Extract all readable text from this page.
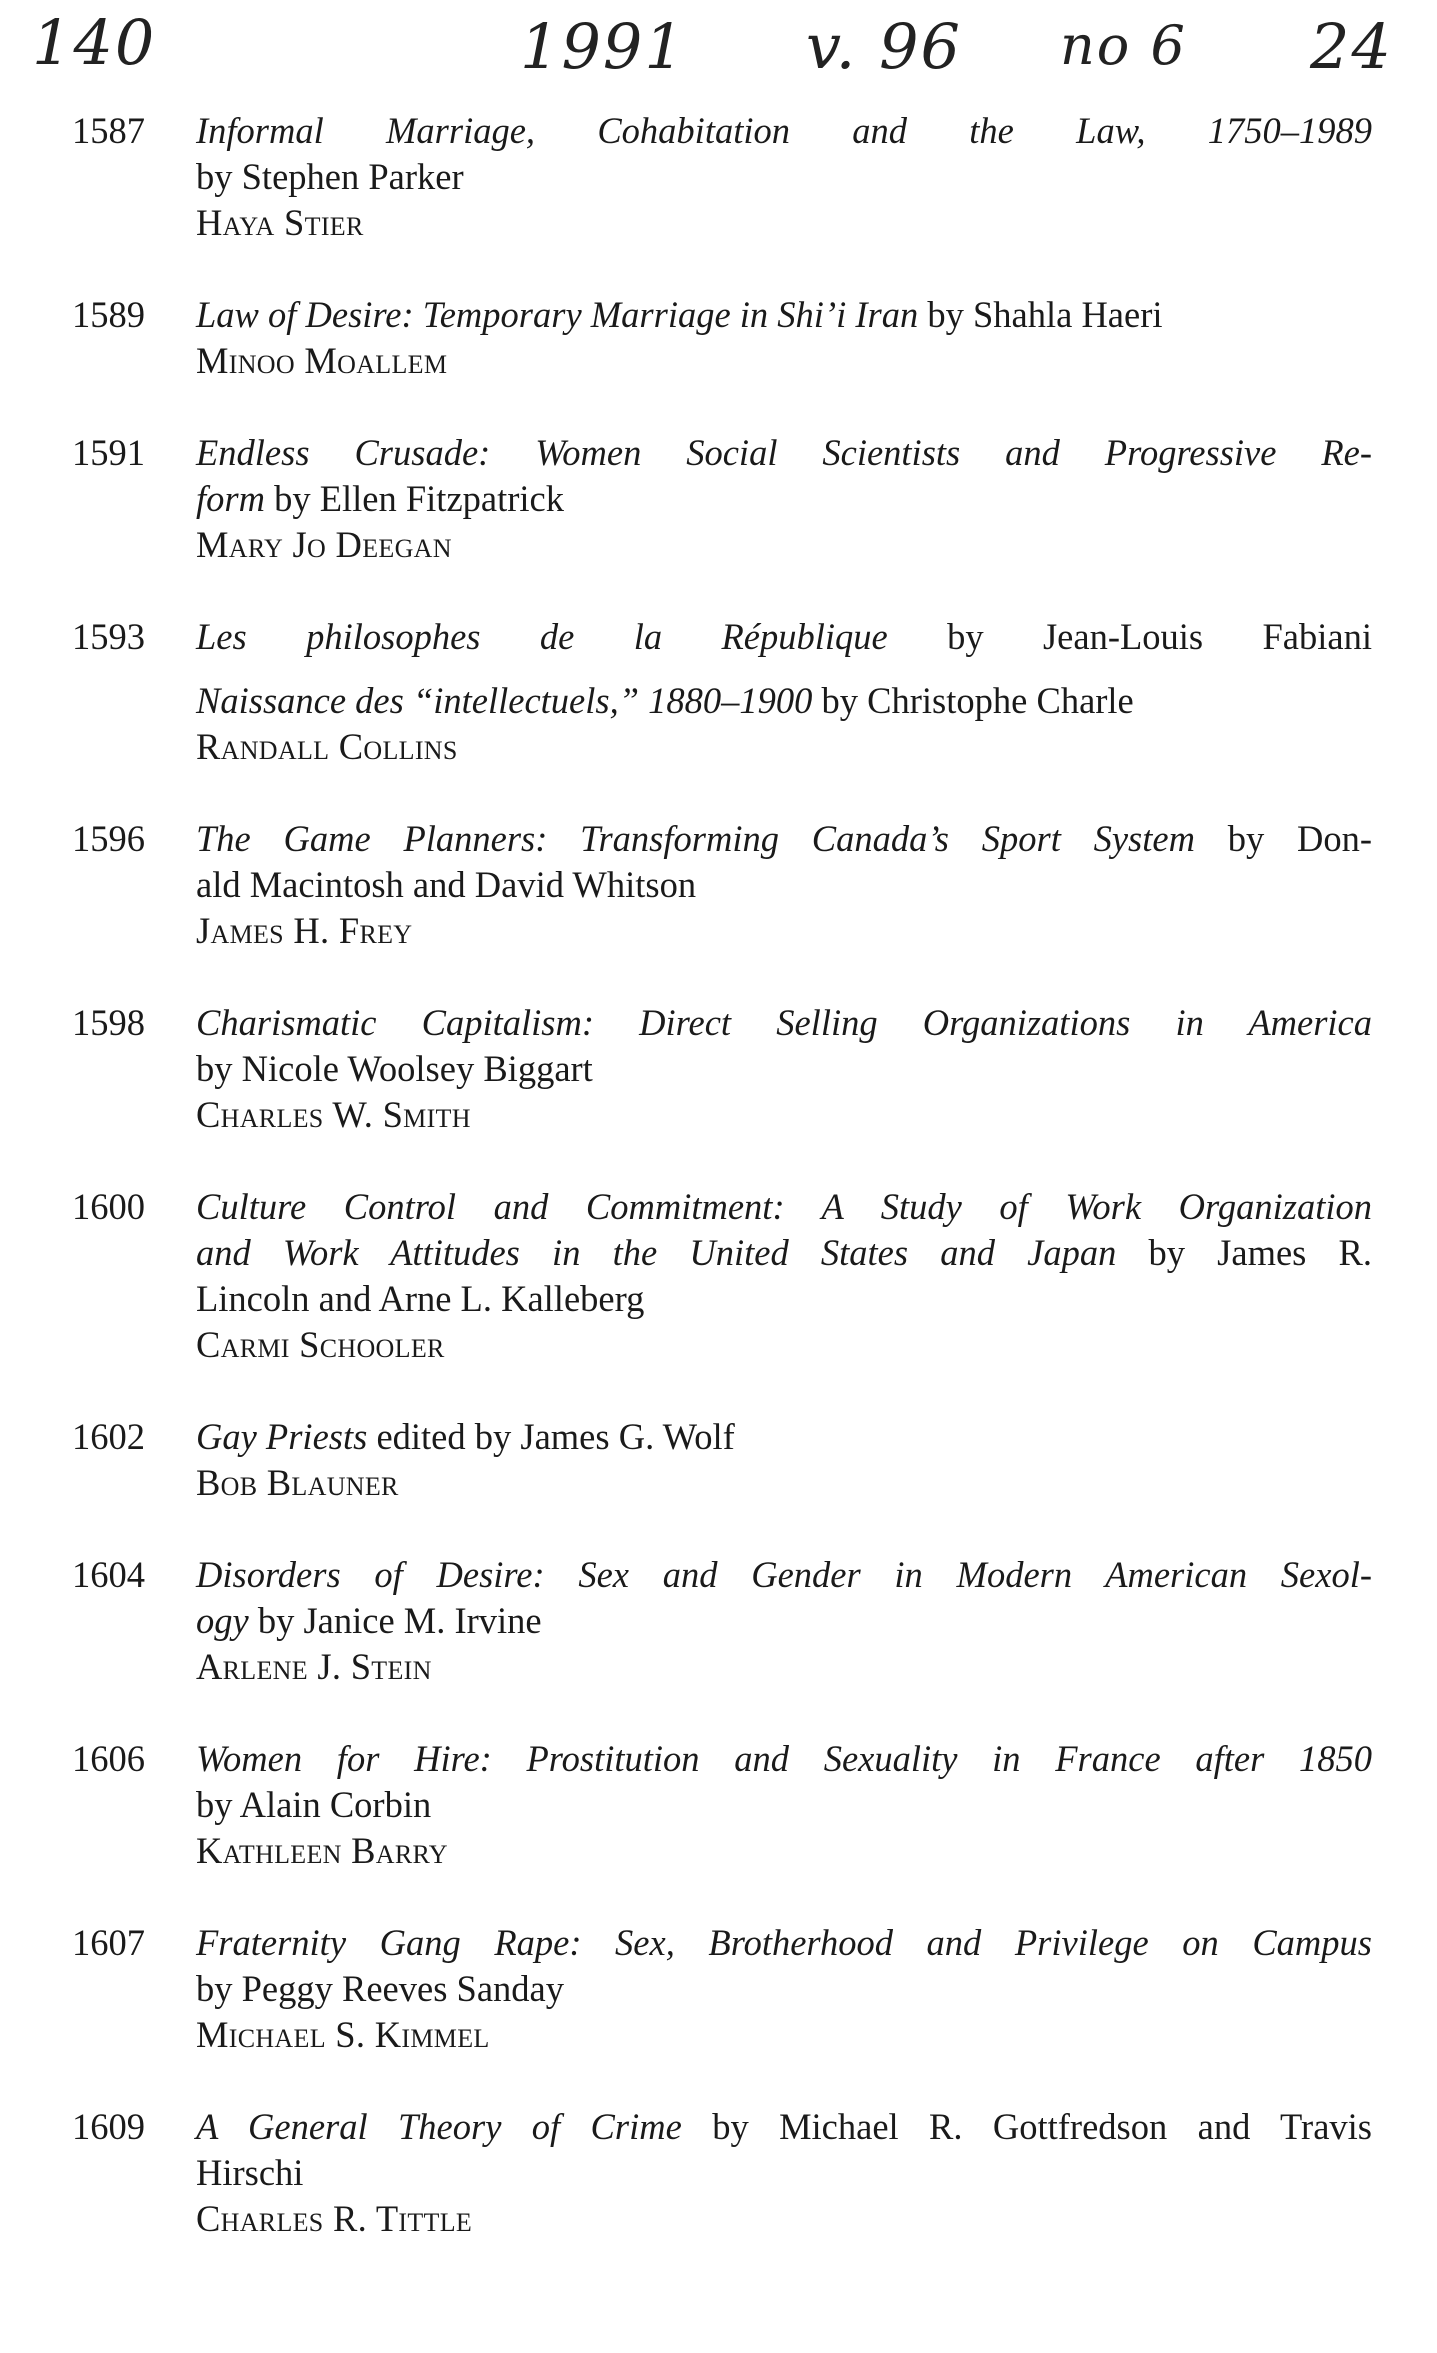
140	1991 v. 96 no 6 24
1587	Informal Marriage, Cohabitation and the Law, 1750–1989
by Stephen Parker
Haya Stier
1589	Law of Desire: Temporary Marriage in Shi’i Iran by Shahla Haeri
Minoo Moallem
1591	Endless Crusade: Women Social Scientists and Progressive Re-
form by Ellen Fitzpatrick
Mary Jo Deegan
1593	Les philosophes de la République by Jean-Louis Fabiani
Naissance des “intellectuels,” 1880–1900 by Christophe Charle
Randall Collins
1596	The Game Planners: Transforming Canada’s Sport System by Don-
ald Macintosh and David Whitson
James H. Frey
1598	Charismatic Capitalism: Direct Selling Organizations in America
by Nicole Woolsey Biggart
Charles W. Smith
1600	Culture Control and Commitment: A Study of Work Organization
and Work Attitudes in the United States and Japan by James R.
Lincoln and Arne L. Kalleberg
Carmi Schooler
1602	Gay Priests edited by James G. Wolf
Bob Blauner
1604	Disorders of Desire: Sex and Gender in Modern American Sexol-
ogy by Janice M. Irvine
Arlene J. Stein
1606	Women for Hire: Prostitution and Sexuality in France after 1850
by Alain Corbin
Kathleen Barry
1607	Fraternity Gang Rape: Sex, Brotherhood and Privilege on Campus
by Peggy Reeves Sanday
Michael S. Kimmel
1609	A General Theory of Crime by Michael R. Gottfredson and Travis
Hirschi
Charles R. Tittle
